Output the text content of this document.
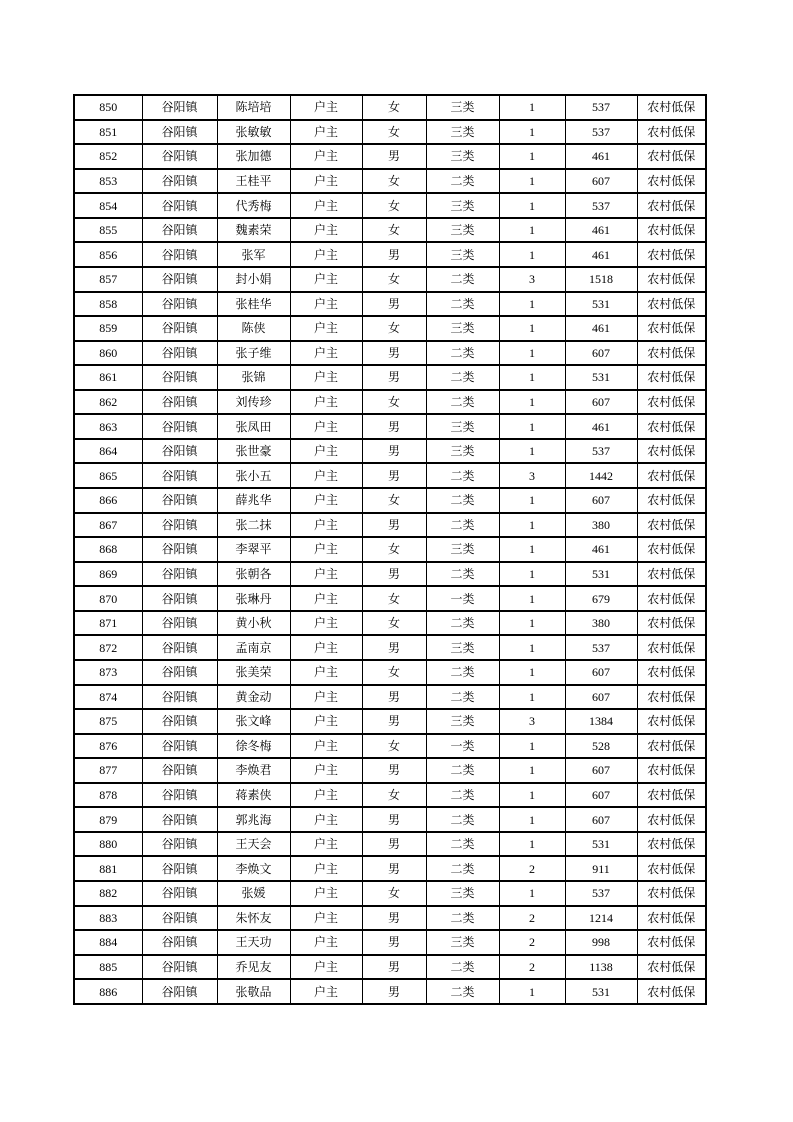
850	谷阳镇	陈培培	户主	女	三类	1	537	农村低保
851	谷阳镇	张敏敏	户主	女	三类	1	537	农村低保
852	谷阳镇	张加德	户主	男	三类	1	461	农村低保
853	谷阳镇	王桂平	户主	女	二类	1	607	农村低保
854	谷阳镇	代秀梅	户主	女	三类	1	537	农村低保
855	谷阳镇	魏素荣	户主	女	三类	1	461	农村低保
856	谷阳镇	张军	户主	男	三类	1	461	农村低保
857	谷阳镇	封小娟	户主	女	二类	3	1518	农村低保
858	谷阳镇	张桂华	户主	男	二类	1	531	农村低保
859	谷阳镇	陈侠	户主	女	三类	1	461	农村低保
860	谷阳镇	张子维	户主	男	二类	1	607	农村低保
861	谷阳镇	张锦	户主	男	二类	1	531	农村低保
862	谷阳镇	刘传珍	户主	女	二类	1	607	农村低保
863	谷阳镇	张凤田	户主	男	三类	1	461	农村低保
864	谷阳镇	张世豪	户主	男	三类	1	537	农村低保
865	谷阳镇	张小五	户主	男	二类	3	1442	农村低保
866	谷阳镇	薛兆华	户主	女	二类	1	607	农村低保
867	谷阳镇	张二抹	户主	男	二类	1	380	农村低保
868	谷阳镇	李翠平	户主	女	三类	1	461	农村低保
869	谷阳镇	张朝各	户主	男	二类	1	531	农村低保
870	谷阳镇	张琳丹	户主	女	一类	1	679	农村低保
871	谷阳镇	黄小秋	户主	女	二类	1	380	农村低保
872	谷阳镇	孟南京	户主	男	三类	1	537	农村低保
873	谷阳镇	张美荣	户主	女	二类	1	607	农村低保
874	谷阳镇	黄金动	户主	男	二类	1	607	农村低保
875	谷阳镇	张文峰	户主	男	三类	3	1384	农村低保
876	谷阳镇	徐冬梅	户主	女	一类	1	528	农村低保
877	谷阳镇	李焕君	户主	男	二类	1	607	农村低保
878	谷阳镇	蒋素侠	户主	女	二类	1	607	农村低保
879	谷阳镇	郭兆海	户主	男	二类	1	607	农村低保
880	谷阳镇	王天会	户主	男	二类	1	531	农村低保
881	谷阳镇	李焕文	户主	男	二类	2	911	农村低保
882	谷阳镇	张媛	户主	女	三类	1	537	农村低保
883	谷阳镇	朱怀友	户主	男	二类	2	1214	农村低保
884	谷阳镇	王天功	户主	男	三类	2	998	农村低保
885	谷阳镇	乔见友	户主	男	二类	2	1138	农村低保
886	谷阳镇	张敬品	户主	男	二类	1	531	农村低保
